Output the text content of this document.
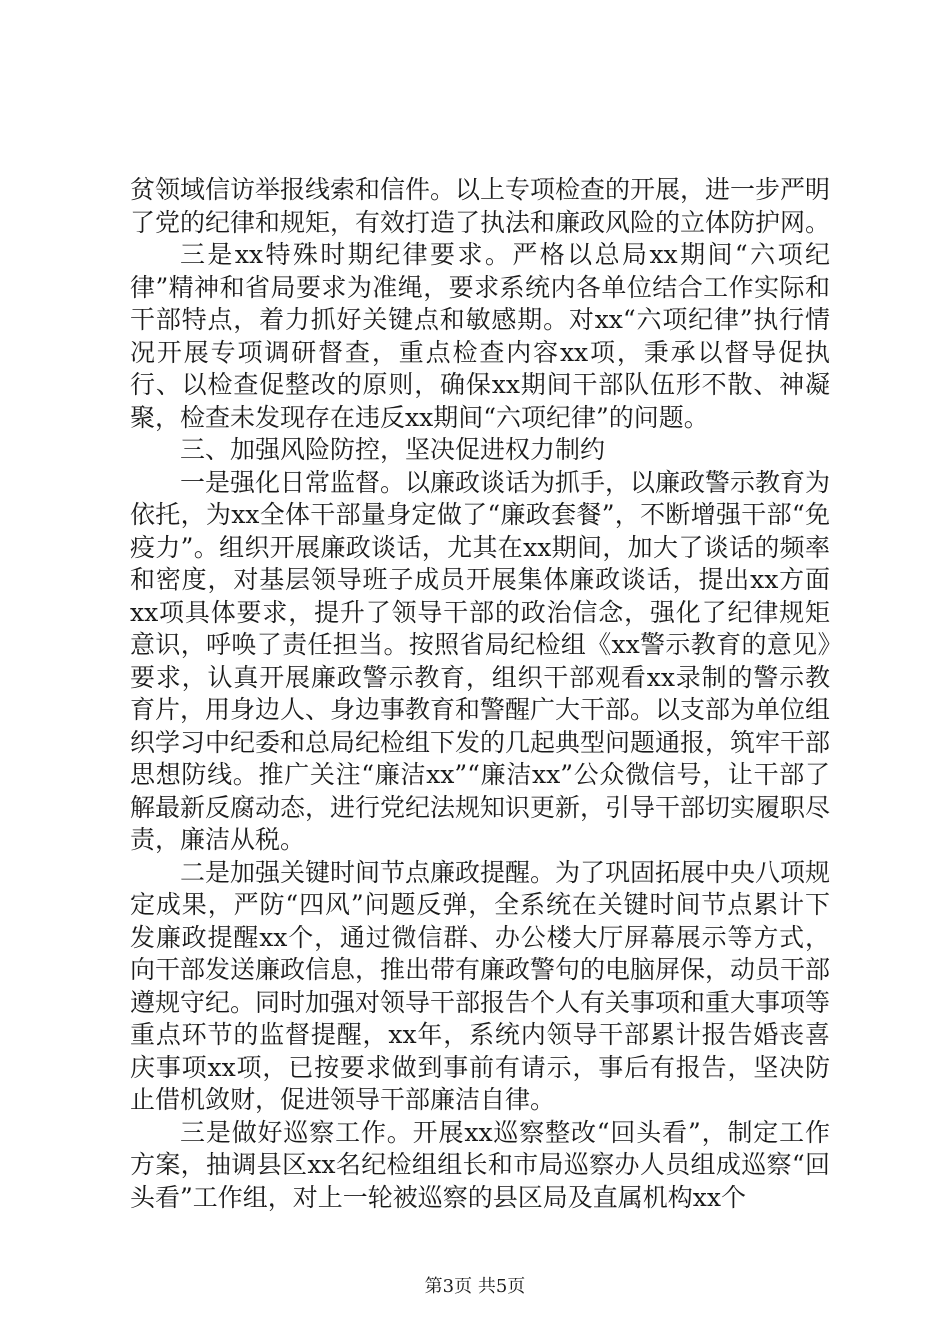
贫领域信访举报线索和信件。以上专项检查的开展，进一步严明了党的纪律和规矩，有效打造了执法和廉政风险的立体防护网。

三是xx特殊时期纪律要求。严格以总局xx期间“六项纪律”精神和省局要求为准绳，要求系统内各单位结合工作实际和干部特点，着力抓好关键点和敏感期。对xx“六项纪律”执行情况开展专项调研督查，重点检查内容xx项，秉承以督导促执行、以检查促整改的原则，确保xx期间干部队伍形不散、神凝聚，检查未发现存在违反xx期间“六项纪律”的问题。

三、加强风险防控，坚决促进权力制约

一是强化日常监督。以廉政谈话为抓手，以廉政警示教育为依托，为xx全体干部量身定做了“廉政套餐”，不断增强干部“免疫力”。组织开展廉政谈话，尤其在xx期间，加大了谈话的频率和密度，对基层领导班子成员开展集体廉政谈话，提出xx方面xx项具体要求，提升了领导干部的政治信念，强化了纪律规矩意识，呼唤了责任担当。按照省局纪检组《xx警示教育的意见》要求，认真开展廉政警示教育，组织干部观看xx录制的警示教育片，用身边人、身边事教育和警醒广大干部。以支部为单位组织学习中纪委和总局纪检组下发的几起典型问题通报，筑牢干部思想防线。推广关注“廉洁xx”“廉洁xx”公众微信号，让干部了解最新反腐动态，进行党纪法规知识更新，引导干部切实履职尽责，廉洁从税。

二是加强关键时间节点廉政提醒。为了巩固拓展中央八项规定成果，严防“四风”问题反弹，全系统在关键时间节点累计下发廉政提醒xx个，通过微信群、办公楼大厅屏幕展示等方式，向干部发送廉政信息，推出带有廉政警句的电脑屏保，动员干部遵规守纪。同时加强对领导干部报告个人有关事项和重大事项等重点环节的监督提醒，xx年，系统内领导干部累计报告婚丧喜庆事项xx项，已按要求做到事前有请示，事后有报告，坚决防止借机敛财，促进领导干部廉洁自律。

三是做好巡察工作。开展xx巡察整改“回头看”，制定工作方案，抽调县区xx名纪检组组长和市局巡察办人员组成巡察“回头看”工作组，对上一轮被巡察的县区局及直属机构xx个

第3页 共5页
